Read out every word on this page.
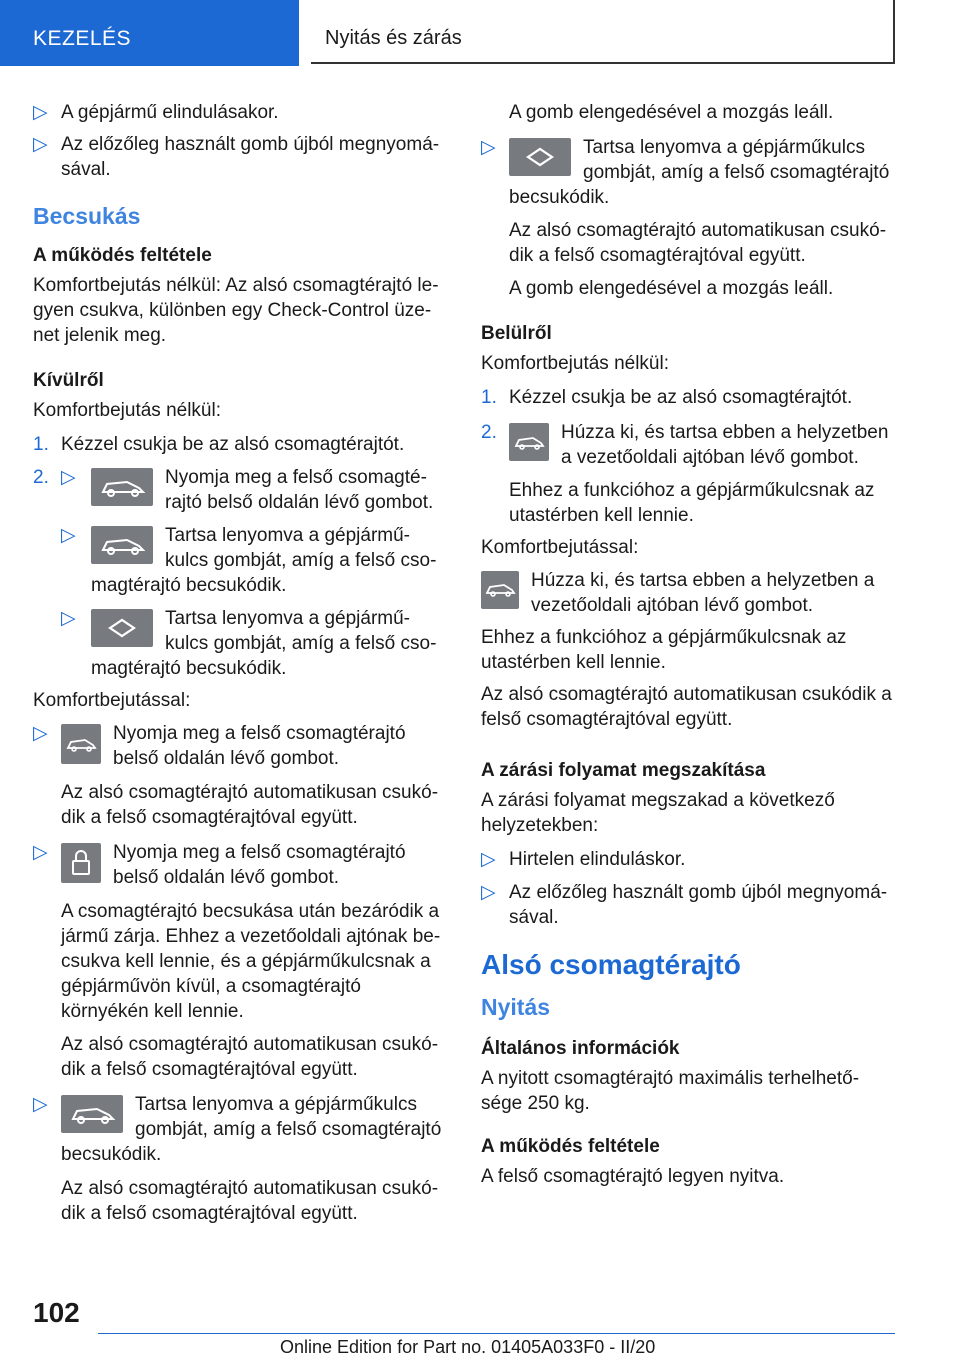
KEZELÉS	Nyitás és zárás

▷ A gépjármű elindulásakor.

▷ Az előzőleg használt gomb újból megnyomásával.

Becsukás

A működés feltétele

Komfortbejutás nélkül: Az alsó csomagtérajtó legyen csukva, különben egy Check-Control üzenet jelenik meg.

Kívülről

Komfortbejutás nélkül:

1. Kézzel csukja be az alsó csomagtérajtót.

2. ▷	Nyomja meg a felső csomagtérajtó belső oldalán lévő gombot.
▷	Tartsa lenyomva a gépjárműkulcs gombját, amíg a felső csomagtérajtó becsukódik.
▷	Tartsa lenyomva a gépjárműkulcs gombját, amíg a felső csomagtérajtó becsukódik.

Komfortbejutással:

▷	Nyomja meg a felső csomagtérajtó belső oldalán lévő gombot.

Az alsó csomagtérajtó automatikusan csukódik a felső csomagtérajtóval együtt.

▷	Nyomja meg a felső csomagtérajtó belső oldalán lévő gombot.

A csomagtérajtó becsukása után bezáródik a jármű zárja. Ehhez a vezetőoldali ajtónak becsukva kell lennie, és a gépjárműkulcsnak a gépjárművön kívül, a csomagtérajtó környékén kell lennie.

Az alsó csomagtérajtó automatikusan csukódik a felső csomagtérajtóval együtt.

▷	Tartsa lenyomva a gépjárműkulcs gombját, amíg a felső csomagtérajtó becsukódik.

Az alsó csomagtérajtó automatikusan csukódik a felső csomagtérajtóval együtt.

A gomb elengedésével a mozgás leáll.

▷	Tartsa lenyomva a gépjárműkulcs gombját, amíg a felső csomagtérajtó becsukódik.

Az alsó csomagtérajtó automatikusan csukódik a felső csomagtérajtóval együtt.

A gomb elengedésével a mozgás leáll.

Belülről

Komfortbejutás nélkül:

1. Kézzel csukja be az alsó csomagtérajtót.

2.	Húzza ki, és tartsa ebben a helyzetben a vezetőoldali ajtóban lévő gombot.

Ehhez a funkcióhoz a gépjárműkulcsnak az utastérben kell lennie.

Komfortbejutással:

Húzza ki, és tartsa ebben a helyzetben a vezetőoldali ajtóban lévő gombot.

Ehhez a funkcióhoz a gépjárműkulcsnak az utastérben kell lennie.

Az alsó csomagtérajtó automatikusan csukódik a felső csomagtérajtóval együtt.

A zárási folyamat megszakítása

A zárási folyamat megszakad a következő helyzetekben:

▷ Hirtelen elinduláskor.

▷ Az előzőleg használt gomb újból megnyomásával.

Alsó csomagtérajtó

Nyitás

Általános információk

A nyitott csomagtérajtó maximális terhelhetősége 250 kg.

A működés feltétele

A felső csomagtérajtó legyen nyitva.

102
Online Edition for Part no. 01405A033F0 - II/20
